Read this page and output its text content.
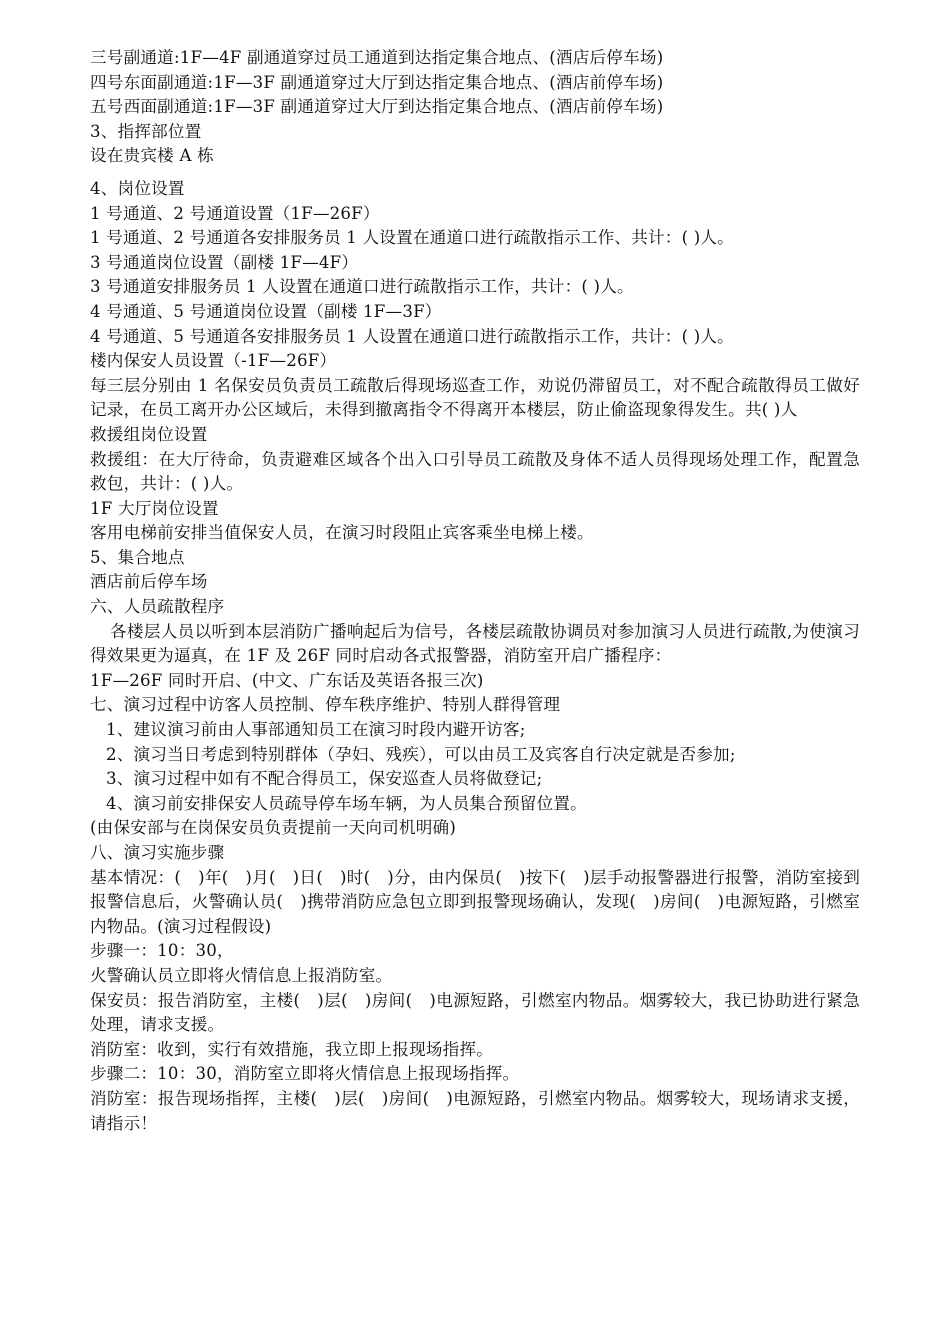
三号副通道:1F—4F 副通道穿过员工通道到达指定集合地点、(酒店后停车场)
四号东面副通道:1F—3F 副通道穿过大厅到达指定集合地点、(酒店前停车场)
五号西面副通道:1F—3F 副通道穿过大厅到达指定集合地点、(酒店前停车场)
3、指挥部位置
设在贵宾楼 A 栋
4、岗位设置
1 号通道、2 号通道设置（1F—26F）
1 号通道、2 号通道各安排服务员 1 人设置在通道口进行疏散指示工作、共计：( )人。
3 号通道岗位设置（副楼 1F—4F）
3 号通道安排服务员 1 人设置在通道口进行疏散指示工作，共计：( )人。
4 号通道、5 号通道岗位设置（副楼 1F—3F）
4 号通道、5 号通道各安排服务员 1 人设置在通道口进行疏散指示工作，共计：( )人。
楼内保安人员设置（-1F—26F）
每三层分别由 1 名保安员负责员工疏散后得现场巡查工作，劝说仍滞留员工，对不配合疏散得员工做好记录，在员工离开办公区域后，未得到撤离指令不得离开本楼层，防止偷盗现象得发生。共( )人
救援组岗位设置
救援组：在大厅待命，负责避难区域各个出入口引导员工疏散及身体不适人员得现场处理工作，配置急救包，共计：( )人。
1F 大厅岗位设置
客用电梯前安排当值保安人员，在演习时段阻止宾客乘坐电梯上楼。
5、集合地点
酒店前后停车场
六、人员疏散程序
各楼层人员以听到本层消防广播响起后为信号，各楼层疏散协调员对参加演习人员进行疏散,为使演习得效果更为逼真，在 1F 及 26F 同时启动各式报警器，消防室开启广播程序：
1F—26F 同时开启、(中文、广东话及英语各报三次)
七、演习过程中访客人员控制、停车秩序维护、特别人群得管理
1、建议演习前由人事部通知员工在演习时段内避开访客;
2、演习当日考虑到特别群体（孕妇、残疾），可以由员工及宾客自行决定就是否参加;
3、演习过程中如有不配合得员工，保安巡查人员将做登记;
4、演习前安排保安人员疏导停车场车辆，为人员集合预留位置。
(由保安部与在岗保安员负责提前一天向司机明确)
八、演习实施步骤
基本情况：(　)年(　)月(　)日(　)时(　)分，由内保员(　)按下(　)层手动报警器进行报警，消防室接到报警信息后，火警确认员(　)携带消防应急包立即到报警现场确认，发现(　)房间(　)电源短路，引燃室内物品。(演习过程假设)
步骤一：10：30，
火警确认员立即将火情信息上报消防室。
保安员：报告消防室，主楼(　)层(　)房间(　)电源短路，引燃室内物品。烟雾较大，我已协助进行紧急处理，请求支援。
消防室：收到，实行有效措施，我立即上报现场指挥。
步骤二：10：30，消防室立即将火情信息上报现场指挥。
消防室：报告现场指挥，主楼(　)层(　)房间(　)电源短路，引燃室内物品。烟雾较大，现场请求支援，请指示！
